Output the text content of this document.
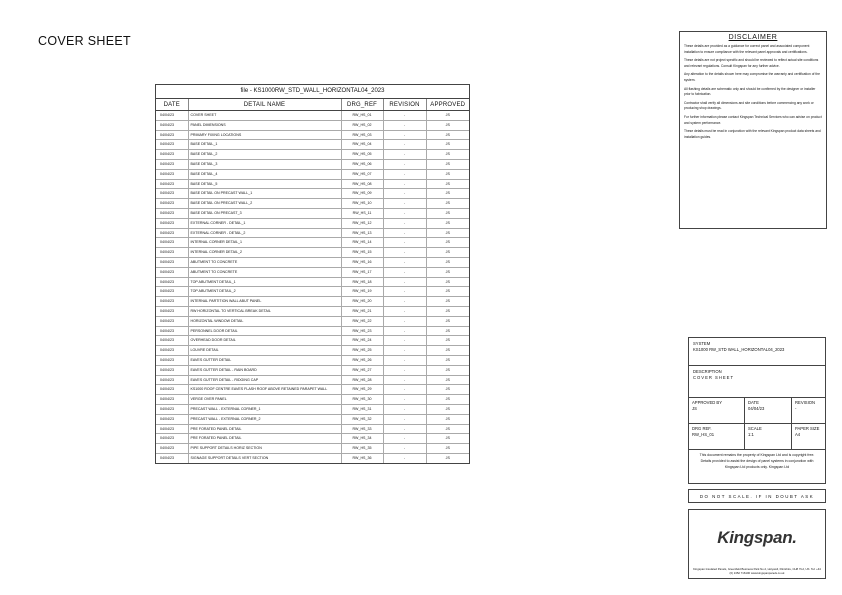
COVER SHEET
file - KS1000RW_STD_WALL_HORIZONTAL04_2023
DATE	DETAIL NAME	DRG_REF	REVISION	APPROVED
04/04/23	COVER SHEET	RW_HS_01	-	JS
04/04/23	PANEL DIMENSIONS	RW_HS_02	-	JS
04/04/23	PRIMARY FIXING LOCATIONS	RW_HS_03	-	JS
04/04/23	BASE DETAIL_1	RW_HS_04	-	JS
04/04/23	BASE DETAIL_2	RW_HS_05	-	JS
04/04/23	BASE DETAIL_3	RW_HS_06	-	JS
04/04/23	BASE DETAIL_4	RW_HS_07	-	JS
04/04/23	BASE DETAIL_5	RW_HS_08	-	JS
04/04/23	BASE DETAIL ON PRECAST WALL_1	RW_HS_09	-	JS
04/04/23	BASE DETAIL ON PRECAST WALL_2	RW_HS_10	-	JS
04/04/23	BASE DETAIL ON PRECAST_3	RW_HS_11	-	JS
04/04/23	EXTERNAL CORNER - DETAIL_1	RW_HS_12	-	JS
04/04/23	EXTERNAL CORNER - DETAIL_2	RW_HS_13	-	JS
04/04/23	INTERNAL CORNER DETAIL_1	RW_HS_14	-	JS
04/04/23	INTERNAL CORNER DETAIL_2	RW_HS_15	-	JS
04/04/23	ABUTMENT TO CONCRETE	RW_HS_16	-	JS
04/04/23	ABUTMENT TO CONCRETE	RW_HS_17	-	JS
04/04/23	TOP ABUTMENT DETAIL_1	RW_HS_18	-	JS
04/04/23	TOP ABUTMENT DETAIL_2	RW_HS_19	-	JS
04/04/23	INTERNAL PARTITION WALL ABUT PANEL	RW_HS_20	-	JS
04/04/23	RW HORIZONTAL TO VERTICAL BREAK DETAIL	RW_HS_21	-	JS
04/04/23	HORIZONTAL WINDOW DETAIL	RW_HS_22	-	JS
04/04/23	PERSONNEL DOOR DETAIL	RW_HS_23	-	JS
04/04/23	OVERHEAD DOOR DETAIL	RW_HS_24	-	JS
04/04/23	LOUVRE DETAIL	RW_HS_25	-	JS
04/04/23	EAVES GUTTER DETAIL	RW_HS_26	-	JS
04/04/23	EAVES GUTTER DETAIL - RAIN BOARD	RW_HS_27	-	JS
04/04/23	EAVES GUTTER DETAIL - RIDGING CAP	RW_HS_28	-	JS
04/04/23	KS1000 ROOF CENTRE EAVES FLASH ROOF ABOVE RETAINED PARAPET WALL	RW_HS_29	-	JS
04/04/23	VERGE OVER PANEL	RW_HS_30	-	JS
04/04/23	PRECAST WALL - EXTERNAL CORNER_1	RW_HS_31	-	JS
04/04/23	PRECAST WALL - EXTERNAL CORNER_2	RW_HS_32	-	JS
04/04/23	PRE FORATED PANEL DETAIL	RW_HS_33	-	JS
04/04/23	PRE FORATED PANEL DETAIL	RW_HS_34	-	JS
04/04/23	PIPE SUPPORT DETAILS HORIZ SECTION	RW_HS_35	-	JS
04/04/23	SIGNAGE SUPPORT DETAILS VERT SECTION	RW_HS_36	-	JS
DISCLAIMER
These details are provided as a guidance for correct panel and associated component installation to ensure compliance with the relevant panel approvals and certifications.
These details are not project specific and should be reviewed to reflect actual site conditions and relevant regulations. Consult Kingspan for any further advice.
Any alteration to the details shown here may compromise the warranty and certification of the system.
All flashing details are schematic only and should be confirmed by the designer or installer prior to fabrication.
Contractor shall verify all dimensions and site conditions before commencing any work or producing shop drawings.
For further information please contact Kingspan Technical Services who can advise on product and system performance.
These details must be read in conjunction with the relevant Kingspan product data sheets and installation guides.
SYSTEM
KS1000 RW_STD WALL_HORIZONTAL04_2023
DESCRIPTION
COVER SHEET
APPROVED BY
JS
DATE
04/04/23
REVISION
-
DRG REF.
RW_HS_01
SCALE
1:1
PAPER SIZE
A4
This document remains the property of Kingspan Ltd and is copyright free. Details provided to assist the design of panel systems in conjunction with Kingspan Ltd products only. Kingspan Ltd
DO NOT SCALE. IF IN DOUBT ASK
Kingspan.
Kingspan Insulated Panels, Greenfield Business Park No.2, Holywell, Flintshire, CH8 7GJ, UK. Tel: +44 (0) 1352 716100 www.kingspanpanels.co.uk
